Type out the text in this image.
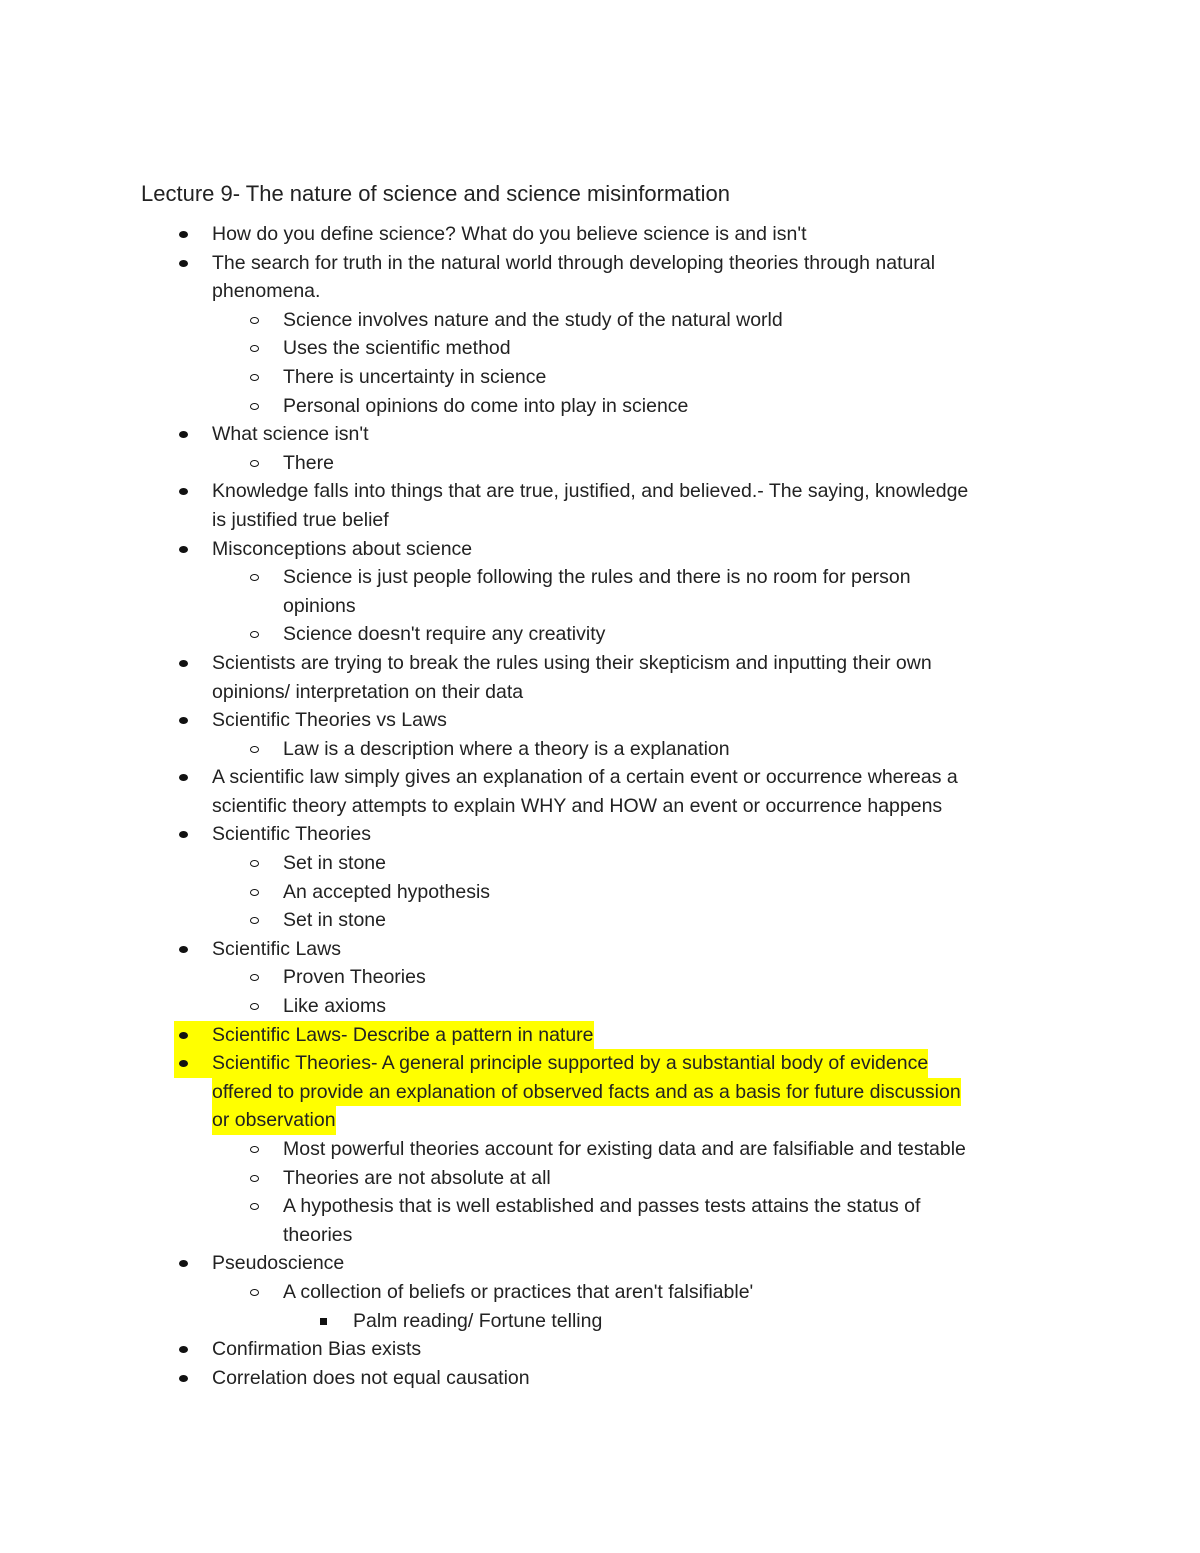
Lecture 9- The nature of science and science misinformation
How do you define science? What do you believe science is and isn't
The search for truth in the natural world through developing theories through natural
phenomena.
Science involves nature and the study of the natural world
Uses the scientific method
There is uncertainty in science
Personal opinions do come into play in science
What science isn't
There
Knowledge falls into things that are true, justified, and believed.- The saying, knowledge
is justified true belief
Misconceptions about science
Science is just people following the rules and there is no room for person
opinions
Science doesn't require any creativity
Scientists are trying to break the rules using their skepticism and inputting their own
opinions/ interpretation on their data
Scientific Theories vs Laws
Law is a description where a theory is a explanation
A scientific law simply gives an explanation of a certain event or occurrence whereas a
scientific theory attempts to explain WHY and HOW an event or occurrence happens
Scientific Theories
Set in stone
An accepted hypothesis
Set in stone
Scientific Laws
Proven Theories
Like axioms
Scientific Laws- Describe a pattern in nature
Scientific Theories- A general principle supported by a substantial body of evidence
offered to provide an explanation of observed facts and as a basis for future discussion
or observation
Most powerful theories account for existing data and are falsifiable and testable
Theories are not absolute at all
A hypothesis that is well established and passes tests attains the status of
theories
Pseudoscience
A collection of beliefs or practices that aren't falsifiable'
Palm reading/ Fortune telling
Confirmation Bias exists
Correlation does not equal causation
